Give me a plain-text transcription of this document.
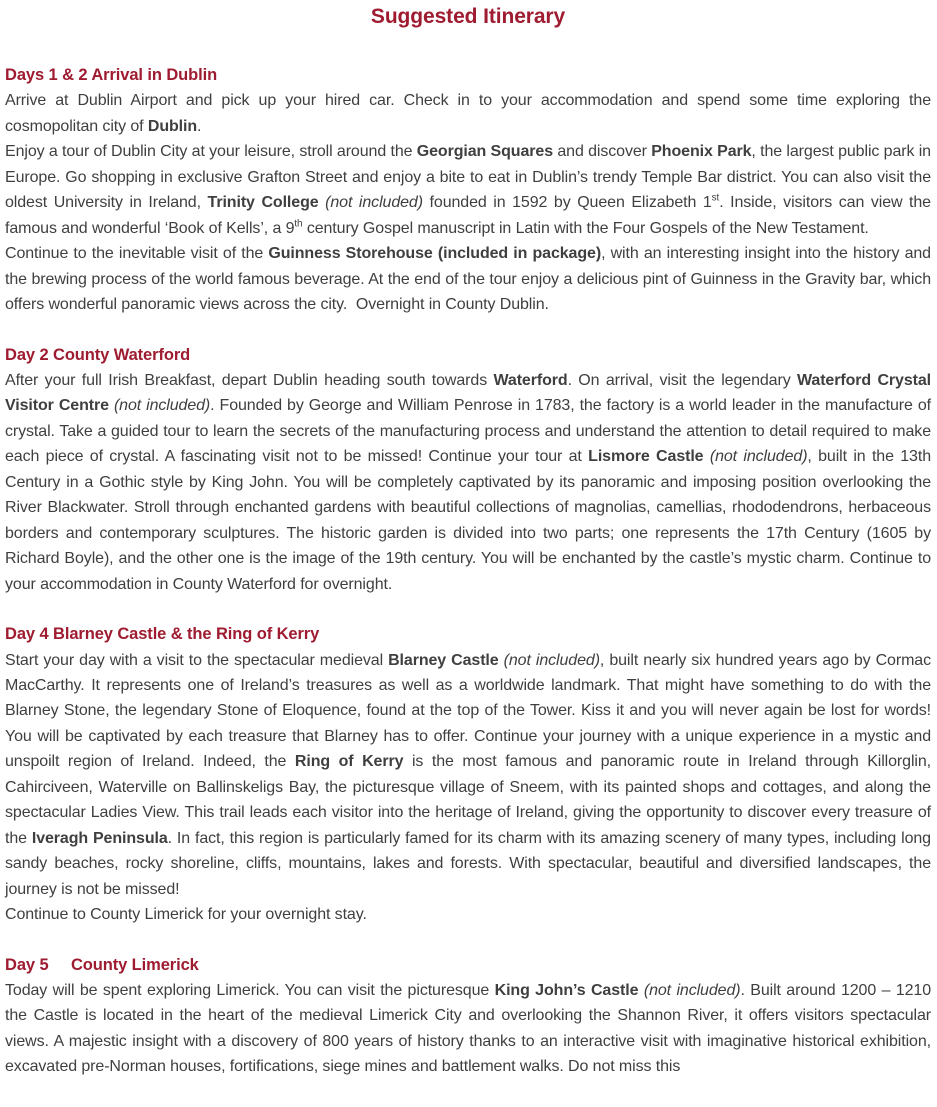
Suggested Itinerary
Days 1 & 2 Arrival in Dublin

Arrive at Dublin Airport and pick up your hired car. Check in to your accommodation and spend some time exploring the cosmopolitan city of Dublin.

Enjoy a tour of Dublin City at your leisure, stroll around the Georgian Squares and discover Phoenix Park, the largest public park in Europe. Go shopping in exclusive Grafton Street and enjoy a bite to eat in Dublin’s trendy Temple Bar district. You can also visit the oldest University in Ireland, Trinity College (not included) founded in 1592 by Queen Elizabeth 1st. Inside, visitors can view the famous and wonderful ‘Book of Kells’, a 9th century Gospel manuscript in Latin with the Four Gospels of the New Testament.

Continue to the inevitable visit of the Guinness Storehouse (included in package), with an interesting insight into the history and the brewing process of the world famous beverage. At the end of the tour enjoy a delicious pint of Guinness in the Gravity bar, which offers wonderful panoramic views across the city.  Overnight in County Dublin.

Day 2 County Waterford

After your full Irish Breakfast, depart Dublin heading south towards Waterford. On arrival, visit the legendary Waterford Crystal Visitor Centre (not included). Founded by George and William Penrose in 1783, the factory is a world leader in the manufacture of crystal. Take a guided tour to learn the secrets of the manufacturing process and understand the attention to detail required to make each piece of crystal. A fascinating visit not to be missed! Continue your tour at Lismore Castle (not included), built in the 13th Century in a Gothic style by King John. You will be completely captivated by its panoramic and imposing position overlooking the River Blackwater. Stroll through enchanted gardens with beautiful collections of magnolias, camellias, rhododendrons, herbaceous borders and contemporary sculptures. The historic garden is divided into two parts; one represents the 17th Century (1605 by Richard Boyle), and the other one is the image of the 19th century. You will be enchanted by the castle’s mystic charm. Continue to your accommodation in County Waterford for overnight.

Day 4 Blarney Castle & the Ring of Kerry

Start your day with a visit to the spectacular medieval Blarney Castle (not included), built nearly six hundred years ago by Cormac MacCarthy. It represents one of Ireland’s treasures as well as a worldwide landmark. That might have something to do with the Blarney Stone, the legendary Stone of Eloquence, found at the top of the Tower. Kiss it and you will never again be lost for words! You will be captivated by each treasure that Blarney has to offer. Continue your journey with a unique experience in a mystic and unspoilt region of Ireland. Indeed, the Ring of Kerry is the most famous and panoramic route in Ireland through Killorglin, Cahirciveen, Waterville on Ballinskeligs Bay, the picturesque village of Sneem, with its painted shops and cottages, and along the spectacular Ladies View. This trail leads each visitor into the heritage of Ireland, giving the opportunity to discover every treasure of the Iveragh Peninsula. In fact, this region is particularly famed for its charm with its amazing scenery of many types, including long sandy beaches, rocky shoreline, cliffs, mountains, lakes and forests. With spectacular, beautiful and diversified landscapes, the journey is not be missed!

Continue to County Limerick for your overnight stay.

Day 5     County Limerick

Today will be spent exploring Limerick. You can visit the picturesque King John’s Castle (not included). Built around 1200 – 1210 the Castle is located in the heart of the medieval Limerick City and overlooking the Shannon River, it offers visitors spectacular views. A majestic insight with a discovery of 800 years of history thanks to an interactive visit with imaginative historical exhibition, excavated pre-Norman houses, fortifications, siege mines and battlement walks. Do not miss this
